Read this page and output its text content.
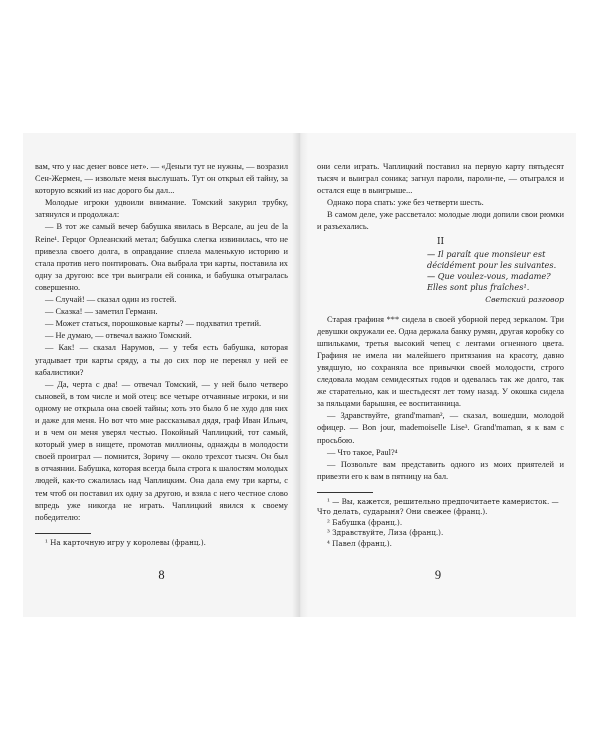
вам, что у нас денег вовсе нет». — «Деньги тут не нужны, — возразил Сен-Жермен, — извольте меня выслушать. Тут он открыл ей тайну, за которую всякий из нас дорого бы дал...

Молодые игроки удвоили внимание. Томский закурил трубку, затянулся и продолжал:

— В тот же самый вечер бабушка явилась в Версале, au jeu de la Reine¹. Герцог Орлеанский метал; бабушка слегка извинилась, что не привезла своего долга, в оправдание сплела маленькую историю и стала против него понтировать. Она выбрала три карты, поставила их одну за другою: все три выиграли ей соника, и бабушка отыгралась совершенно.

— Случай! — сказал один из гостей.

— Сказка! — заметил Германн.

— Может статься, порошковые карты? — подхватил третий.

— Не думаю, — отвечал важно Томский.

— Как! — сказал Нарумов, — у тебя есть бабушка, которая угадывает три карты сряду, а ты до сих пор не перенял у ней ее кабалистики?

— Да, черта с два! — отвечал Томский, — у ней было четверо сыновей, в том числе и мой отец: все четыре отчаянные игроки, и ни одному не открыла она своей тайны; хоть это было б не худо для них и даже для меня. Но вот что мне рассказывал дядя, граф Иван Ильич, и в чем он меня уверял честью. Покойный Чаплицкий, тот самый, который умер в нищете, промотав миллионы, однажды в молодости своей проиграл — помнится, Зоричу — около трехсот тысяч. Он был в отчаянии. Бабушка, которая всегда была строга к шалостям молодых людей, как-то сжалилась над Чаплицким. Она дала ему три карты, с тем чтоб он поставил их одну за другою, и взяла с него честное слово впредь уже никогда не играть. Чаплицкий явился к своему победителю:

¹ На карточную игру у королевы (франц.).

8

они сели играть. Чаплицкий поставил на первую карту пятьдесят тысяч и выиграл соника; загнул пароли, пароли-пе, — отыгрался и остался еще в выигрыше...

Однако пора спать: уже без четверти шесть.

В самом деле, уже рассветало: молодые люди допили свои рюмки и разъехались.

II
— Il paraît que monsieur est décidément pour les suivantes.
— Que voulez-vous, madame? Elles sont plus fraîches¹.
Светский разговор

Старая графиня *** сидела в своей уборной перед зеркалом. Три девушки окружали ее. Одна держала банку румян, другая коробку со шпильками, третья высокий чепец с лентами огненного цвета. Графиня не имела ни малейшего притязания на красоту, давно увядшую, но сохраняла все привычки своей молодости, строго следовала модам семидесятых годов и одевалась так же долго, так же старательно, как и шестьдесят лет тому назад. У окошка сидела за пяльцами барышня, ее воспитанница.

— Здравствуйте, grand'maman², — сказал, вошедши, молодой офицер. — Bon jour, mademoiselle Lise³. Grand'maman, я к вам с просьбою.

— Что такое, Paul?⁴

— Позвольте вам представить одного из моих приятелей и привезти его к вам в пятницу на бал.

¹ — Вы, кажется, решительно предпочитаете камеристок. — Что делать, сударыня? Они свежее (франц.).

² Бабушка (франц.).

³ Здравствуйте, Лиза (франц.).

⁴ Павел (франц.).

9
